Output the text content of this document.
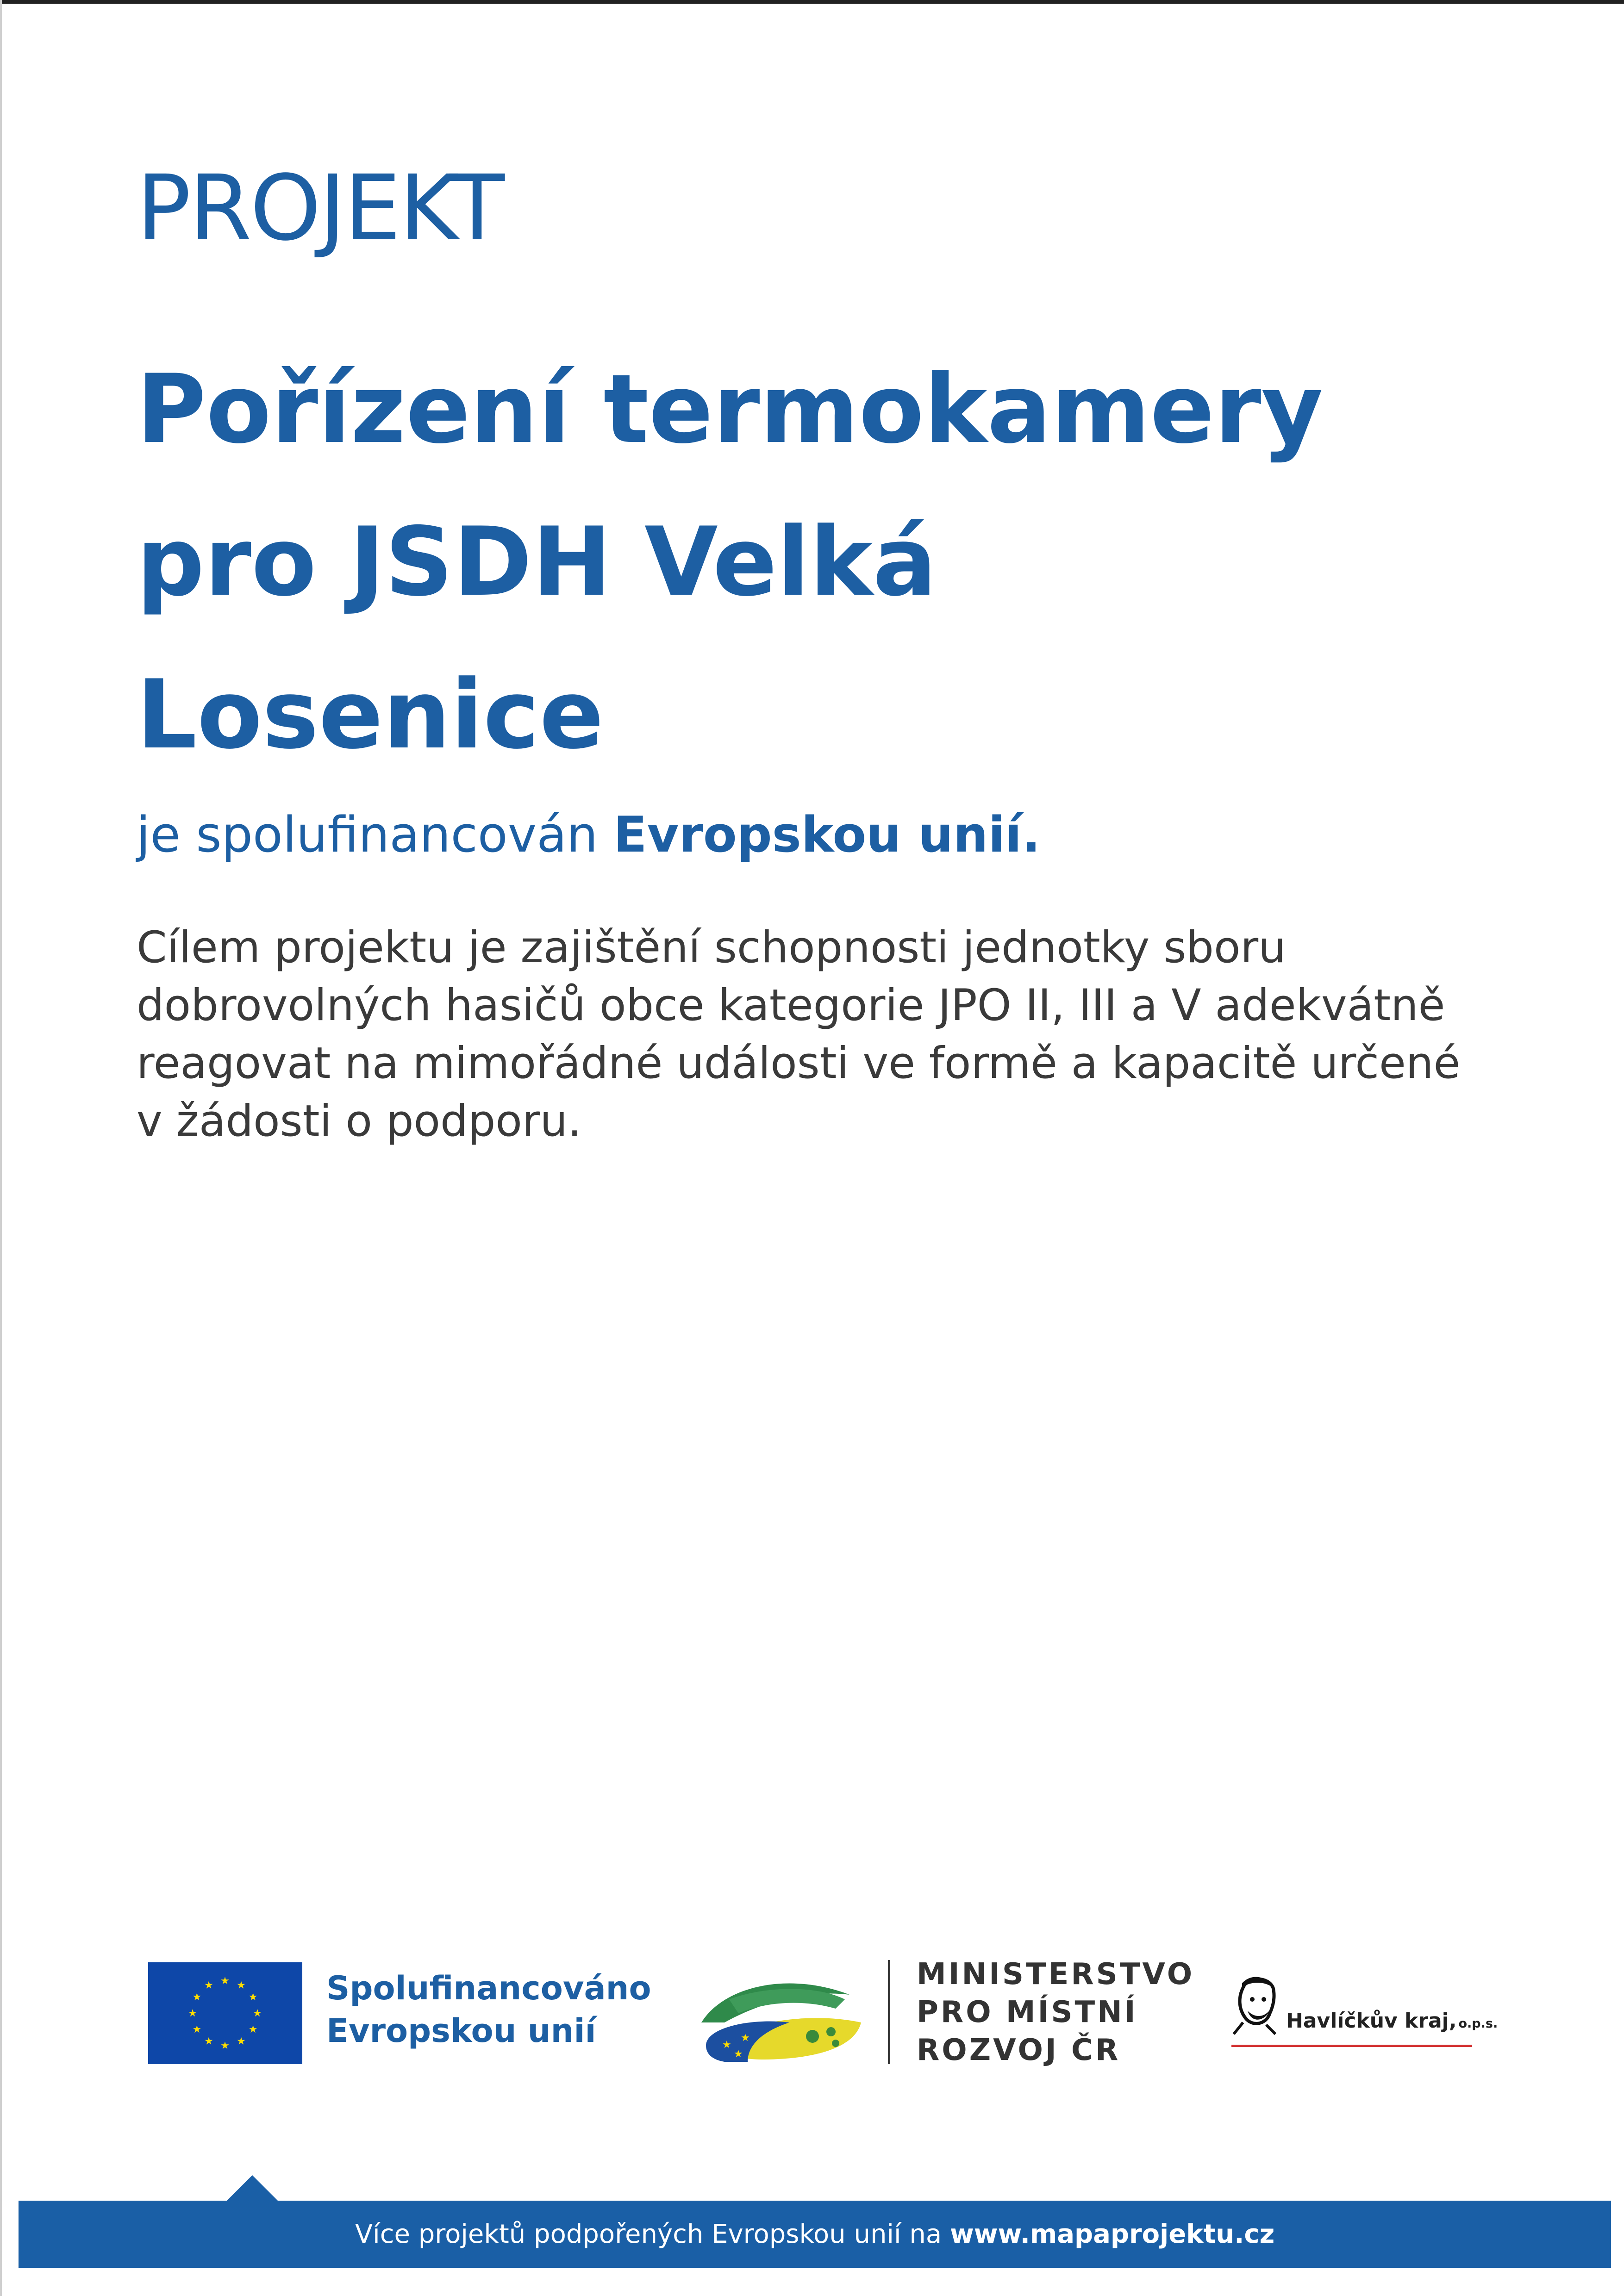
PROJEKT
Pořízení termokamery
pro JSDH Velká
Losenice

je spolufinancován Evropskou unií.

Cílem projektu je zajištění schopnosti jednotky sboru
dobrovolných hasičů obce kategorie JPO II, III a V adekvátně
reagovat na mimořádné události ve formě a kapacitě určené
v žádosti o podporu.

★ ★
★
★
★
★
★
★
★
★
★
★	Spolufinancováno
Evropskou unií	★
★
★

MINISTERSTVO
PRO MÍSTNÍ
ROZVOJ ČR

Havlíčkův kraj, o.p.s.

Více projektů podpořených Evropskou unií na www.mapaprojektu.cz
